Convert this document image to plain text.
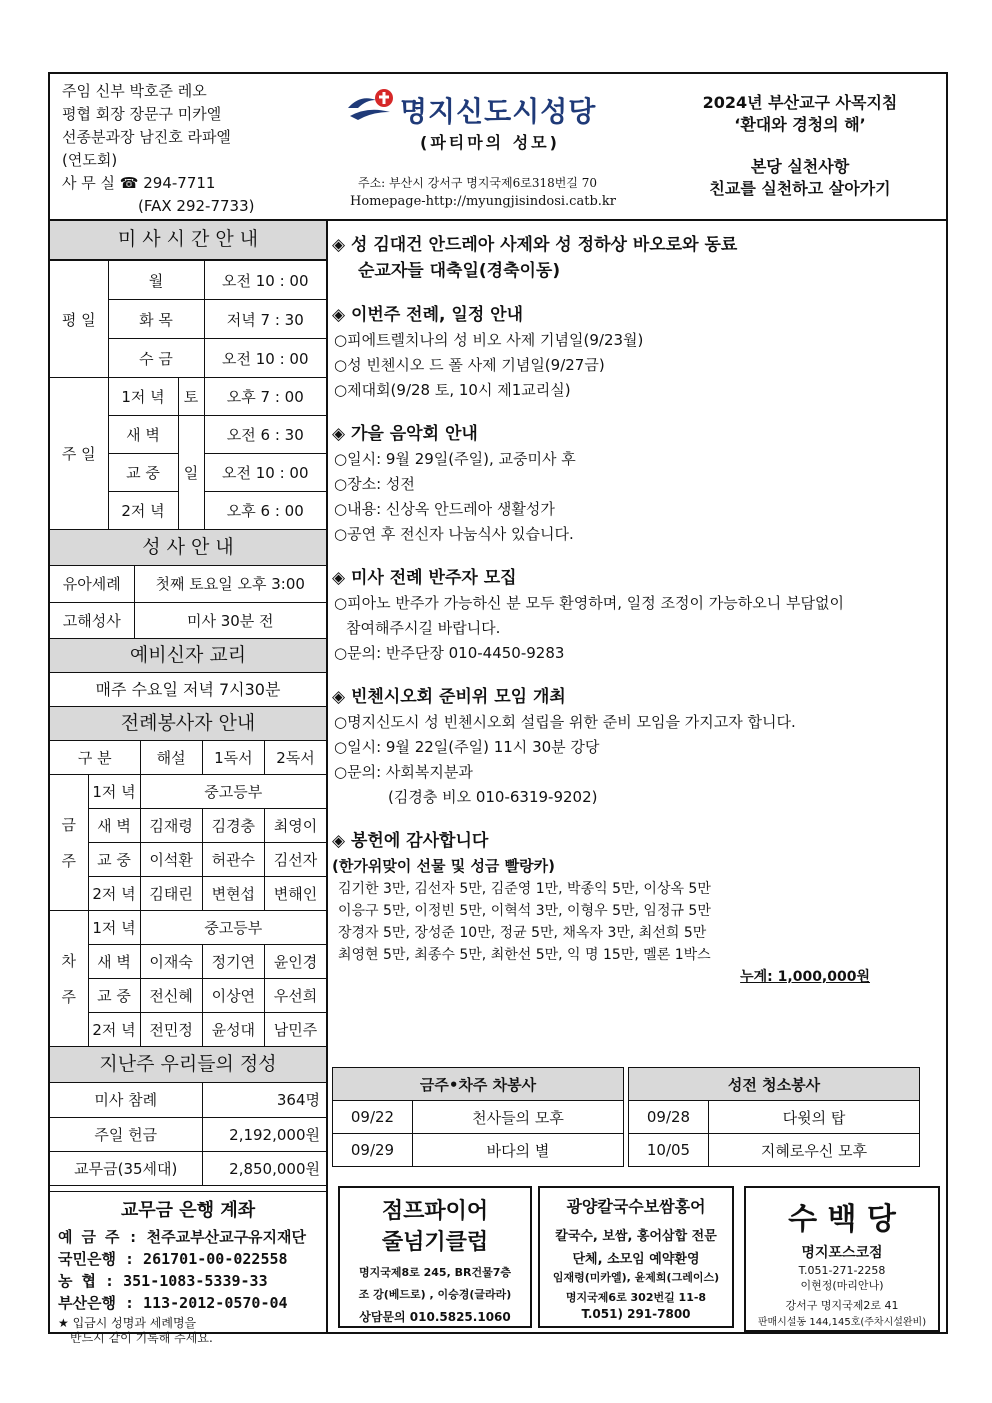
주임 신부 박호준 레오
평협 회장 장문구 미카엘
선종분과장 남진호 라파엘
(연도회)
사 무 실 ☎ 294-7711
(FAX 292-7733)
명지신도시성당
(파티마의 성모)
주소: 부산시 강서구 명지국제6로318번길 70
Homepage-http://myungjisindosi.catb.kr
2024년 부산교구 사목지침
‘환대와 경청의 해’
본당 실천사항
친교를 실천하고 살아가기
미 사 시 간 안 내
평 일	월		오전 10 : 00
	화 목		저녁 7 : 30
	수 금		오전 10 : 00
주 일	1저 녁	토	오후 7 : 00
	새 벽	일	오전 6 : 30
	교 중		오전 10 : 00
	2저 녁		오후 6 : 00
성 사 안 내
유아세례	첫째 토요일 오후 3:00
고해성사	미사 30분 전
예비신자 교리
매주 수요일 저녁 7시30분
전례봉사자 안내
구 분		해설	1독서	2독서
금

주	1저 녁	중고등부		
	새 벽	김재령	김경충	최영이
	교 중	이석환	허관수	김선자
	2저 녁	김태린	변현섭	변해인
차

주	1저 녁	중고등부		
	새 벽	이재숙	정기연	윤인경
	교 중	전신혜	이상연	우선희
	2저 녁	전민정	윤성대	남민주
지난주 우리들의 정성
미사 참례	364명
주일 헌금	2,192,000원
교무금(35세대)	2,850,000원
교무금 은행 계좌
예 금 주 : 천주교부산교구유지재단
국민은행 : 261701-00-022558
농 협 : 351-1083-5339-33
부산은행 : 113-2012-0570-04
★ 입금시 성명과 세례명을
반드시 같이 기록해 주세요.
◈ 성 김대건 안드레아 사제와 성 정하상 바오로와 동료
순교자들 대축일(경축이동)
◈ 이번주 전례, 일정 안내
○피에트렐치나의 성 비오 사제 기념일(9/23월)
○성 빈첸시오 드 폴 사제 기념일(9/27금)
○제대회(9/28 토, 10시 제1교리실)
◈ 가을 음악회 안내
○일시: 9월 29일(주일), 교중미사 후
○장소: 성전
○내용: 신상옥 안드레아 생활성가
○공연 후 전신자 나눔식사 있습니다.
◈ 미사 전례 반주자 모집
○피아노 반주가 가능하신 분 모두 환영하며, 일정 조정이 가능하오니 부담없이
참여해주시길 바랍니다.
○문의: 반주단장 010-4450-9283
◈ 빈첸시오회 준비위 모임 개최
○명지신도시 성 빈첸시오회 설립을 위한 준비 모임을 가지고자 합니다.
○일시: 9월 22일(주일) 11시 30분 강당
○문의: 사회복지분과
(김경충 비오 010-6319-9202)
◈ 봉헌에 감사합니다
(한가위맞이 선물 및 성금 빨랑카)
김기한 3만, 김선자 5만, 김준영 1만, 박종익 5만, 이상옥 5만
이응구 5만, 이정빈 5만, 이혁석 3만, 이형우 5만, 임정규 5만
장경자 5만, 장성준 10만, 정균 5만, 채옥자 3만, 최선희 5만
최영현 5만, 최종수 5만, 최한선 5만, 익 명 15만, 멜론 1박스
누계: 1,000,000원
금주•차주 차봉사	
09/22	천사들의 모후
09/29	바다의 별
성전 청소봉사	
09/28	다윗의 탑
10/05	지혜로우신 모후
점프파이어
줄넘기클럽
명지국제8로 245, BR건물7층
조 강(베드로) , 이승경(글라라)
상담문의 010.5825.1060
광양칼국수보쌈홍어
칼국수, 보쌈, 홍어삼합 전문
단체, 소모임 예약환영
임재령(미카엘), 윤제희(그레이스)
명지국제6로 302번길 11-8
T.051) 291-7800
수 백 당
명지포스코점
T.051-271-2258
이현정(마리안나)
강서구 명지국제2로 41
판매시설동 144,145호(주차시설완비)
